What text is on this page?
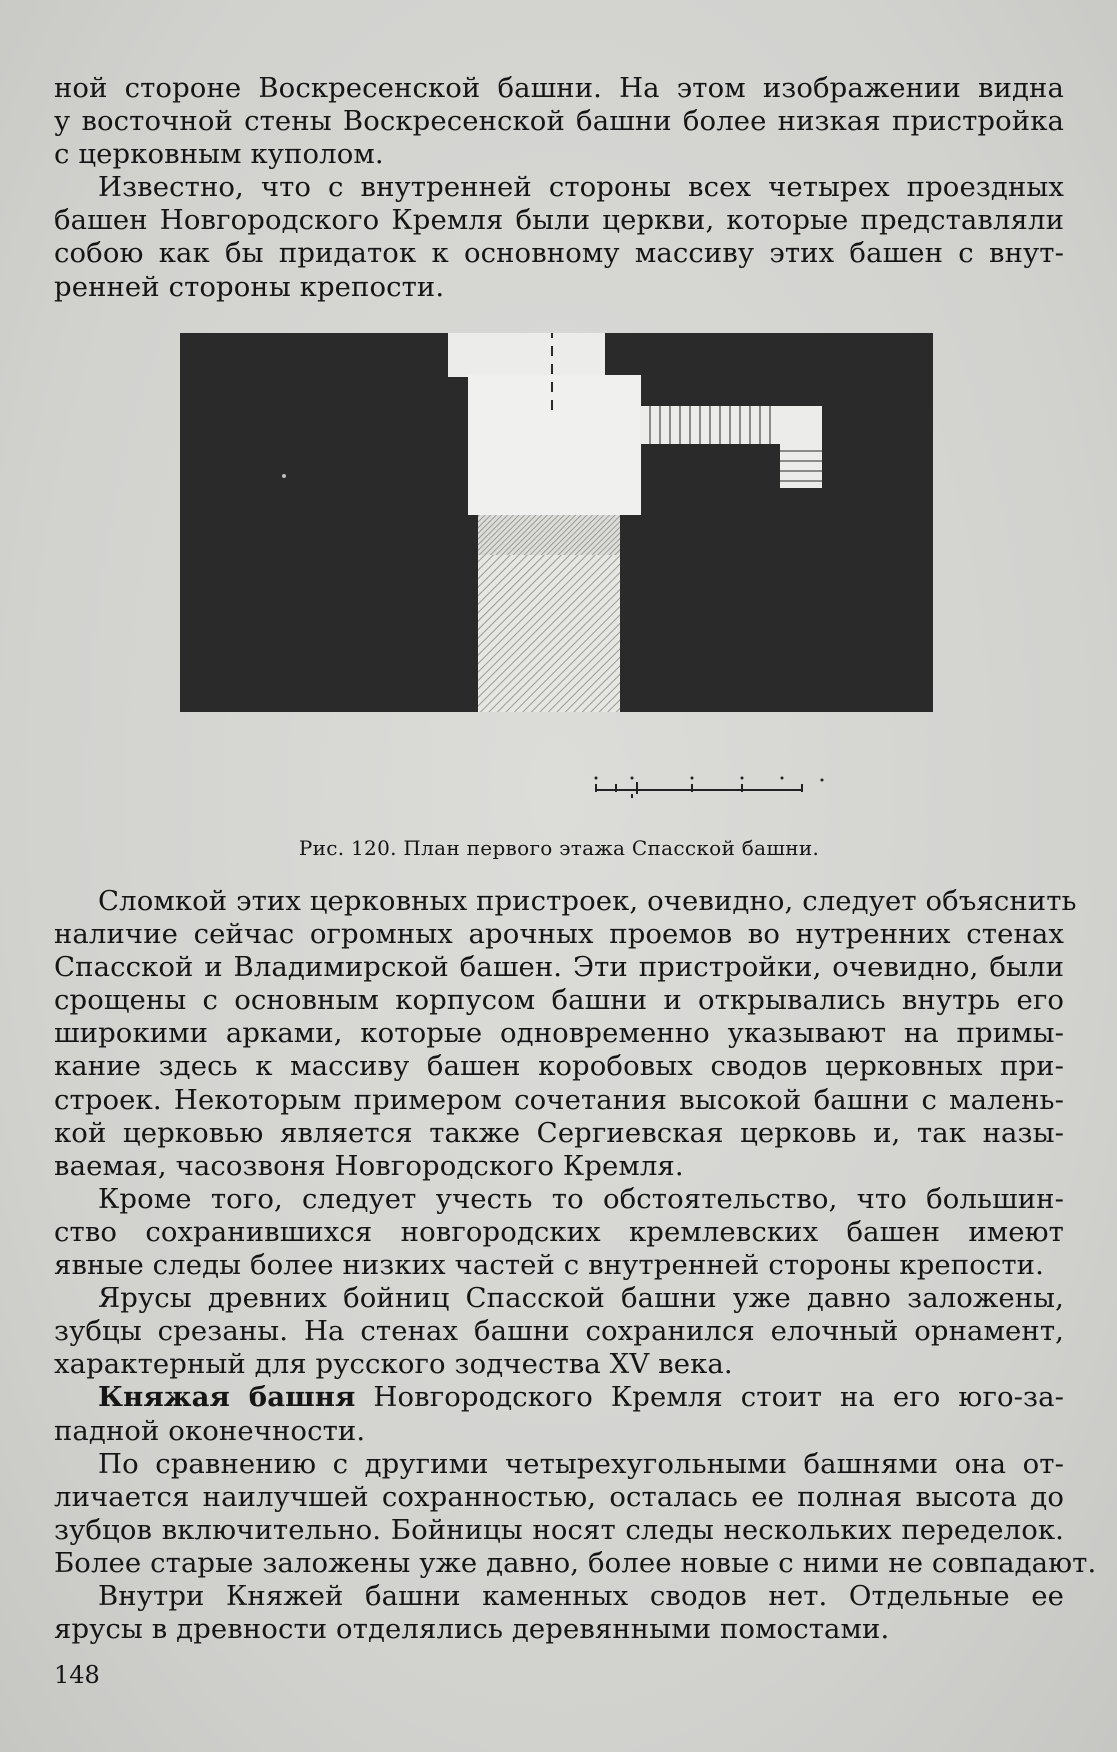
ной стороне Воскресенской башни. На этом изображении видна
у восточной стены Воскресенской башни более низкая пристройка
с церковным куполом.
Известно, что с внутренней стороны всех четырех проездных
башен Новгородского Кремля были церкви, которые представляли
собою как бы придаток к основному массиву этих башен с внут-
ренней стороны крепости.
Рис. 120. План первого этажа Спасской башни.
Сломкой этих церковных пристроек, очевидно, следует объяснить
наличие сейчас огромных арочных проемов во нутренних стенах
Спасской и Владимирской башен. Эти пристройки, очевидно, были
срощены с основным корпусом башни и открывались внутрь его
широкими арками, которые одновременно указывают на примы-
кание здесь к массиву башен коробовых сводов церковных при-
строек. Некоторым примером сочетания высокой башни с малень-
кой церковью является также Сергиевская церковь и, так назы-
ваемая, часозвоня Новгородского Кремля.
Кроме того, следует учесть то обстоятельство, что большин-
ство сохранившихся новгородских кремлевских башен имеют
явные следы более низких частей с внутренней стороны крепости.
Ярусы древних бойниц Спасской башни уже давно заложены,
зубцы срезаны. На стенах башни сохранился елочный орнамент,
характерный для русского зодчества XV века.
Княжая башня Новгородского Кремля стоит на его юго-за-
падной оконечности.
По сравнению с другими четырехугольными башнями она от-
личается наилучшей сохранностью, осталась ее полная высота до
зубцов включительно. Бойницы носят следы нескольких переделок.
Более старые заложены уже давно, более новые с ними не совпадают.
Внутри Княжей башни каменных сводов нет. Отдельные ее
ярусы в древности отделялись деревянными помостами.
148
